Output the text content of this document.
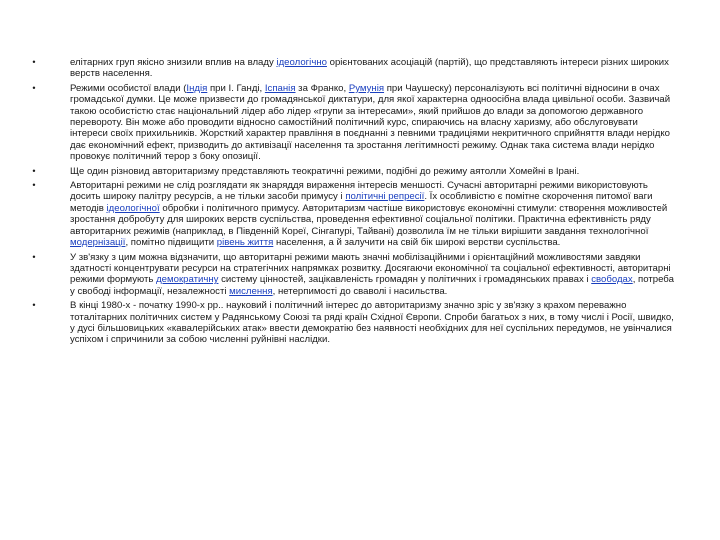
•	елітарних груп якісно знизили вплив на владу ідеологічно орієнтованих асоціацій (партій), що представляють інтереси різних широких верств населення.
•	Режими особистої влади (Індія при І. Ганді, Іспанія за Франко, Румунія при Чаушеску) персоналізують всі політичні відносини в очах громадської думки. Це може призвести до громадянської диктатури, для якої характерна одноосібна влада цивільної особи. Зазвичай такою особистістю стає національний лідер або лідер «групи за інтересами», який прийшов до влади за допомогою державного перевороту. Він може або проводити відносно самостійний політичний курс, спираючись на власну харизму, або обслуговувати інтереси своїх прихильників. Жорсткий характер правління в поєднанні з певними традиціями некритичного сприйняття влади нерідко дає економічний ефект, призводить до активізації населення та зростання легітимності режиму. Однак така система влади нерідко провокує політичний терор з боку опозиції.
•	Ще один різновид авторитаризму представляють теократичні режими, подібні до режиму аятолли Хомейні в Ірані.
•	Авторитарні режими не слід розглядати як знаряддя вираження інтересів меншості. Сучасні авторитарні режими використовують досить широку палітру ресурсів, а не тільки засоби примусу і політичні репресії. Їх особливістю є помітне скорочення питомої ваги методів ідеологічної обробки і політичного примусу. Авторитаризм частіше використовує економічні стимули: створення можливостей зростання добробуту для широких верств суспільства, проведення ефективної соціальної політики. Практична ефективність ряду авторитарних режимів (наприклад, в Південній Кореї, Сінгапурі, Тайвані) дозволила їм не тільки вирішити завдання технологічної модернізації, помітно підвищити рівень життя населення, а й залучити на свій бік широкі верстви суспільства.
•	У зв'язку з цим можна відзначити, що авторитарні режими мають значні мобілізаційними і орієнтаційний можливостями завдяки здатності концентрувати ресурси на стратегічних напрямках розвитку. Досягаючи економічної та соціальної ефективності, авторитарні режими формують демократичну систему цінностей, зацікавленість громадян у політичних і громадянських правах і свободах, потреба у свободі інформації, незалежності мислення, нетерпимості до сваволі і насильства.
•	В кінці 1980-х - початку 1990-х рр.. науковий і політичний інтерес до авторитаризму значно зріс у зв'язку з крахом переважно тоталітарних політичних систем у Радянському Союзі та ряді країн Східної Європи. Спроби багатьох з них, в тому числі і Росії, швидко, у дусі більшовицьких «кавалерійських атак» ввести демократію без наявності необхідних для неї суспільних передумов, не увінчалися успіхом і спричинили за собою численні руйнівні наслідки.
